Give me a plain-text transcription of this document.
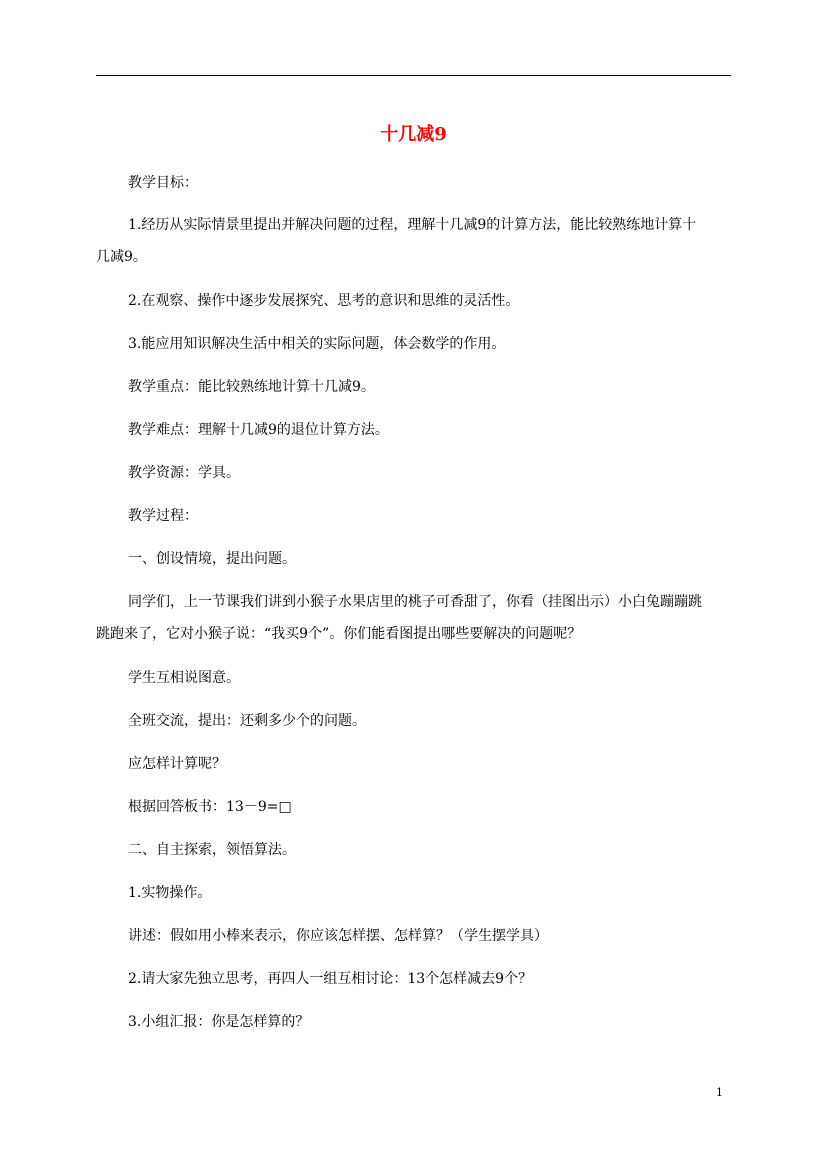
十几减9

教学目标：

1.经历从实际情景里提出并解决问题的过程，理解十几减9的计算方法，能比较熟练地计算十

几减9。

2.在观察、操作中逐步发展探究、思考的意识和思维的灵活性。

3.能应用知识解决生活中相关的实际问题，体会数学的作用。

教学重点：能比较熟练地计算十几减9。

教学难点：理解十几减9的退位计算方法。

教学资源：学具。

教学过程：

一、创设情境，提出问题。

同学们，上一节课我们讲到小猴子水果店里的桃子可香甜了，你看（挂图出示）小白兔蹦蹦跳

跳跑来了，它对小猴子说：“我买9个”。你们能看图提出哪些要解决的问题呢？

学生互相说图意。

全班交流，提出：还剩多少个的问题。

应怎样计算呢？

根据回答板书：13－9=□

二、自主探索，领悟算法。

1.实物操作。

讲述：假如用小棒来表示，你应该怎样摆、怎样算？（学生摆学具）

2.请大家先独立思考，再四人一组互相讨论：13个怎样减去9个？

3.小组汇报：你是怎样算的？

1
